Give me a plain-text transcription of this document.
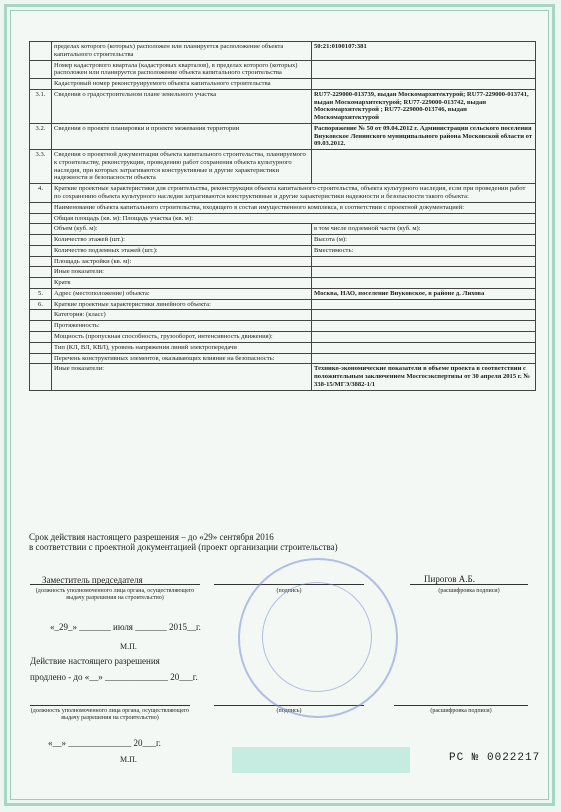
	пределах которого (которых) расположен или планируется расположение объекта капитального строительства	50:21:0100107:381
	Номер кадастрового квартала (кадастровых кварталов), в пределах которого (которых) расположен или планируется расположение объекта капитального строительства	
	Кадастровый номер реконструируемого объекта капитального строительства	
3.1.	Сведения о градостроительном плане земельного участка	RU77-229000-013739, выдан Москомархитектурой; RU77-229000-013741, выдан Москомархитектурой; RU77-229000-013742, выдан Москомархитектурой ; RU77-229000-013746, выдан Москомархитектурой
3.2.	Сведения о проекте планировки и проекте межевания территории	Распоряжение № 50 от 09.04.2012 г. Администрация сельского поселения Внуковское Ленинского муниципального района Московской области от 09.03.2012.
3.3.	Сведения о проектной документации объекта капитального строительства, планируемого к строительству, реконструкции, проведению работ сохранения объекта культурного наследия, при которых затрагиваются конструктивные и другие характеристики надежности и безопасности объекта	
4.	Краткие проектные характеристики для строительства, реконструкции объекта капитального строительства, объекта культурного наследия, если при проведении работ по сохранению объекта культурного наследия затрагиваются конструктивные и другие характеристики надежности и безопасности такого объекта:	
	Наименование объекта капитального строительства, входящего в состав имущественного комплекса, в соответствии с проектной документацией:	
	Общая площадь (кв. м): Площадь участка (кв. м):	
	Объем (куб. м):	в том числе подземной части (куб. м):
	Количество этажей (шт.):	Высота (м):
	Количество подземных этажей (шт.):	Вместимость:
	Площадь застройки (кв. м):	
	Иные показатели:	
	Кратк	
5.	Адрес (местоположение) объекта:	Москва, НАО, поселение Внуковское, в районе д. Лихова
6.	Краткие проектные характеристики линейного объекта:	
	Категория: (класс)	
	Протяженность:	
	Мощность (пропускная способность, грузооборот, интенсивность движения):	
	Тип (КЛ, ВЛ, КВЛ), уровень напряжения линий электропередачи	
	Перечень конструктивных элементов, оказывающих влияние на безопасность:	
	Иные показатели:	Технико-экономические показатели в объеме проекта в соответствии с положительным заключением Мосгосэкспертизы от 30 апреля 2015 г. № 338-15/МГЭ/3882-1/1
Срок действия настоящего разрешения – до «29» сентября 2016
в соответствии с проектной документацией (проект организации строительства)
Заместитель председателя	Пирогов А.Б.
(должность уполномоченного лица органа, осуществляющего выдачу разрешения на строительство)
(подпись)	(расшифровка подписи)
«_29_» _______ июля _______ 2015__г.
М.П.
Действие настоящего разрешения
продлено - до «__» ______________ 20___г.
(должность уполномоченного лица органа, осуществляющего выдачу разрешения на строительство)
(подпись)	(расшифровка подписи)
«__» ______________ 20___г.
М.П.	РС № 0022217
